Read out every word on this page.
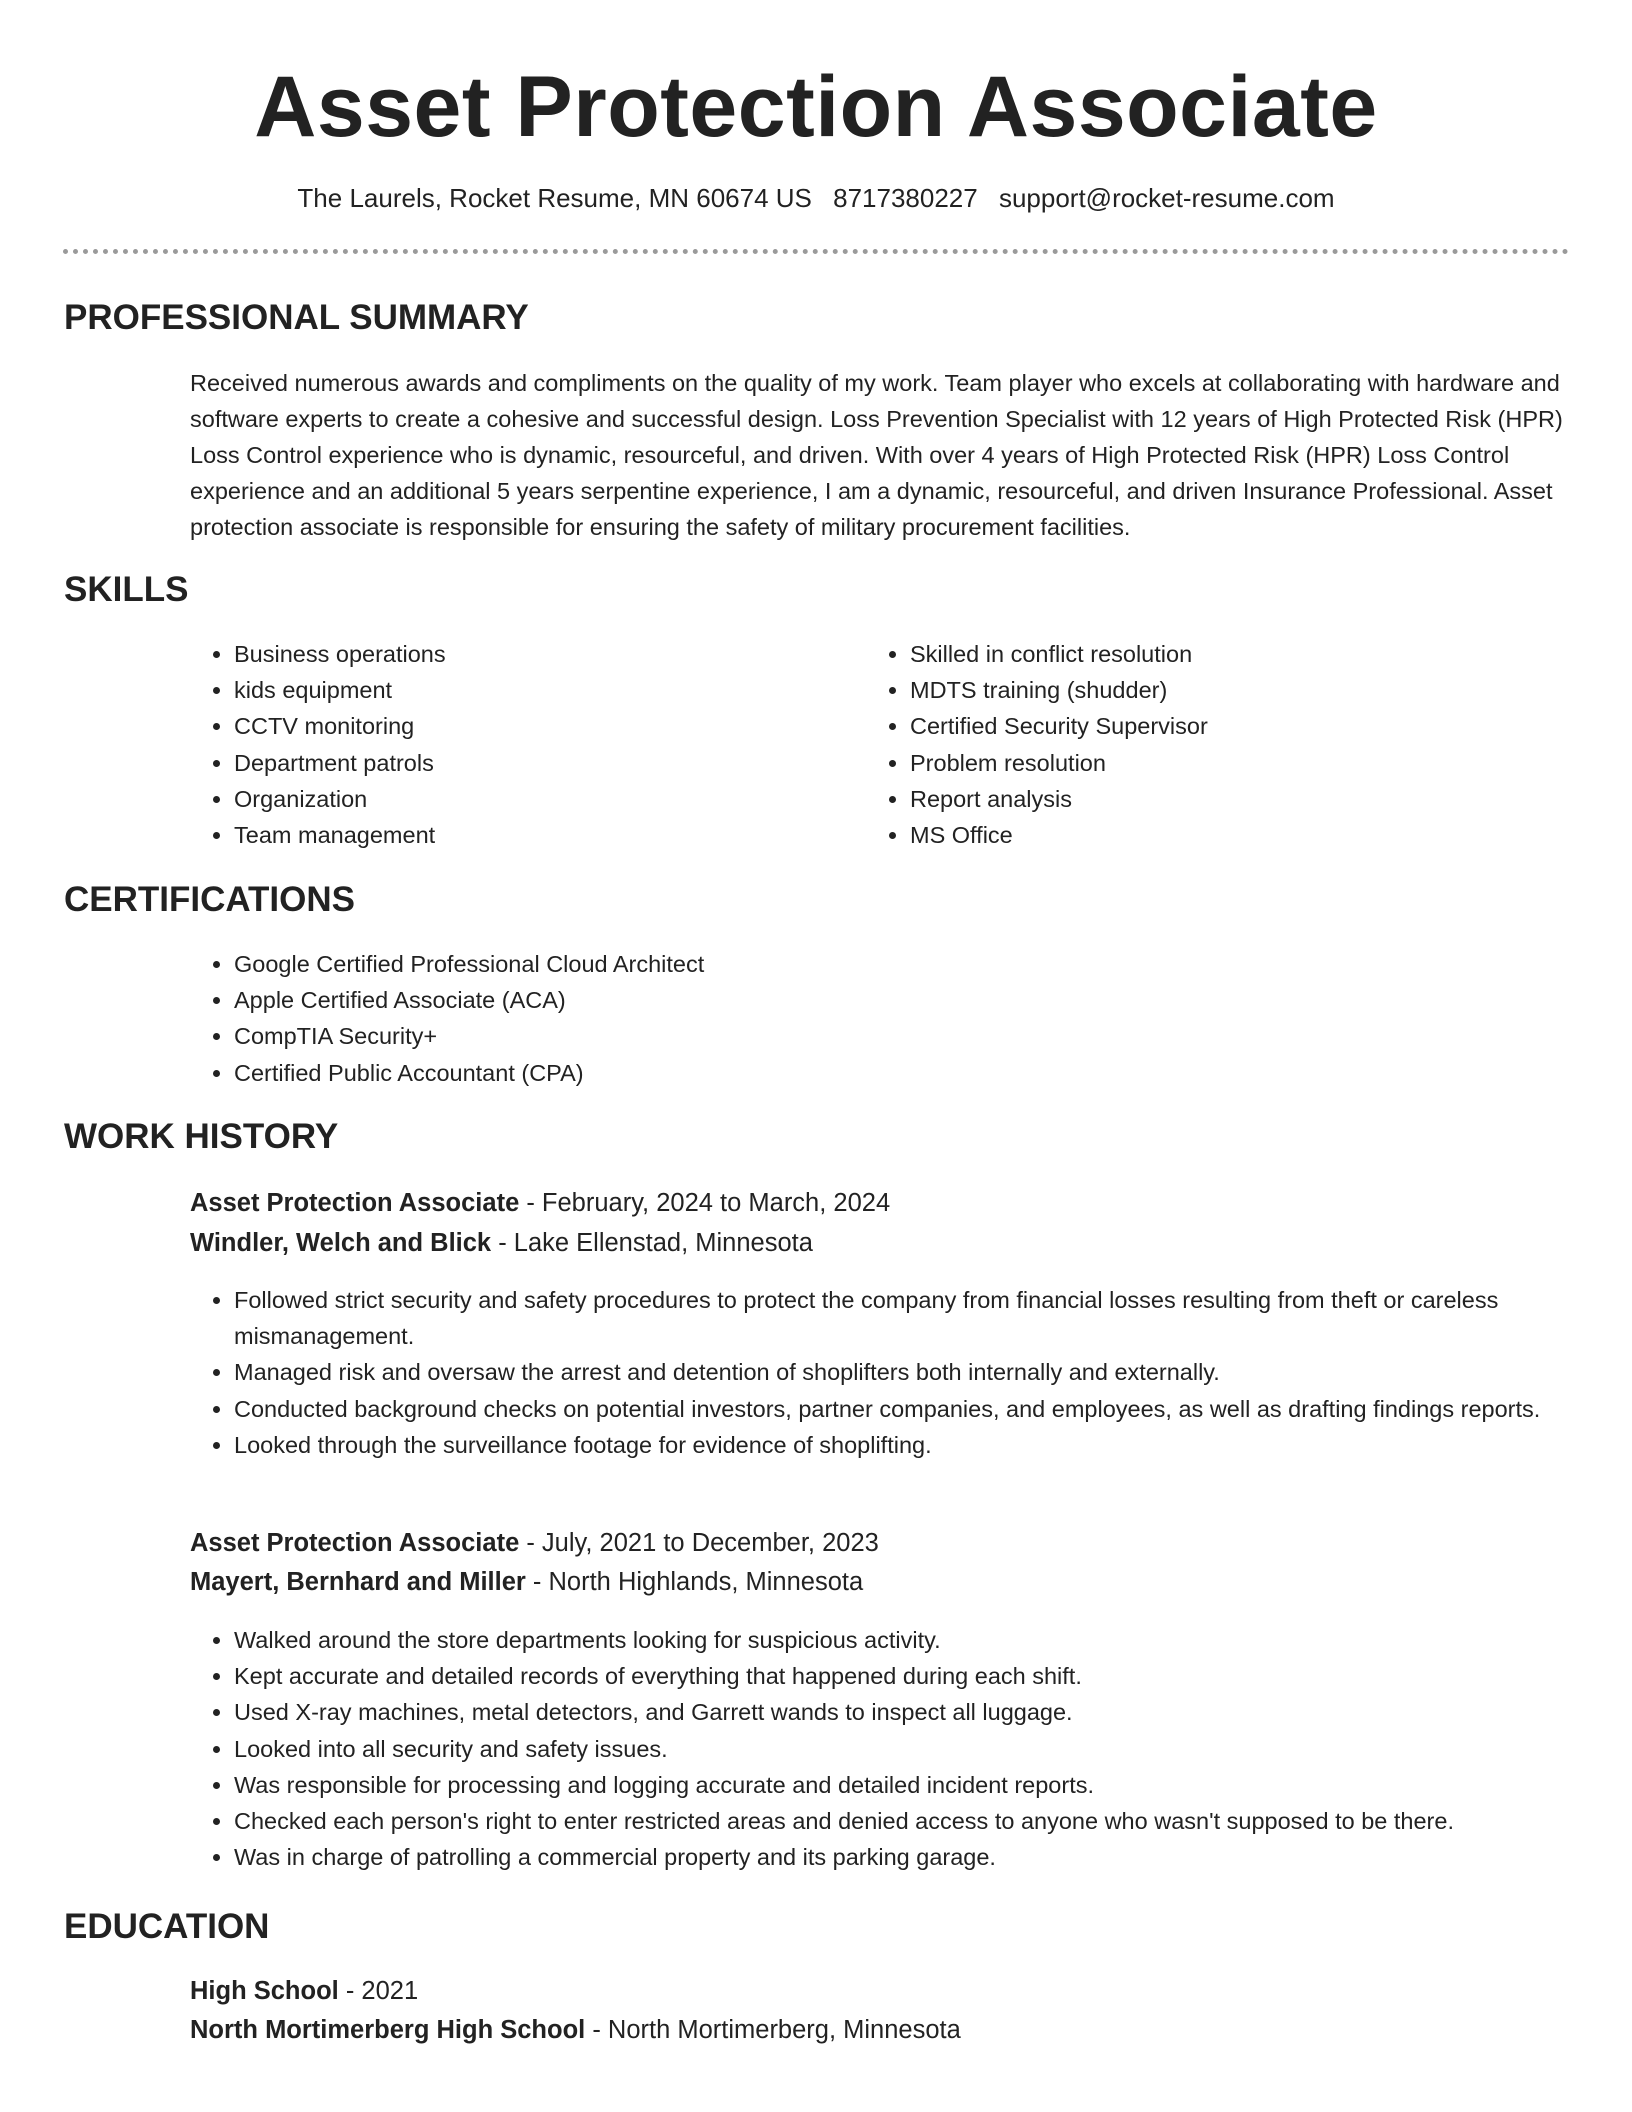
Asset Protection Associate
The Laurels, Rocket Resume, MN 60674 US 8717380227 support@rocket-resume.com
PROFESSIONAL SUMMARY

Received numerous awards and compliments on the quality of my work. Team player who excels at collaborating with hardware and software experts to create a cohesive and successful design. Loss Prevention Specialist with 12 years of High Protected Risk (HPR) Loss Control experience who is dynamic, resourceful, and driven. With over 4 years of High Protected Risk (HPR) Loss Control experience and an additional 5 years serpentine experience, I am a dynamic, resourceful, and driven Insurance Professional. Asset protection associate is responsible for ensuring the safety of military procurement facilities.

SKILLS
• Business operations
• kids equipment
• CCTV monitoring
• Department patrols
• Organization
• Team management
• Skilled in conflict resolution
• MDTS training (shudder)
• Certified Security Supervisor
• Problem resolution
• Report analysis
• MS Office
CERTIFICATIONS
• Google Certified Professional Cloud Architect
• Apple Certified Associate (ACA)
• CompTIA Security+
• Certified Public Accountant (CPA)
WORK HISTORY
Asset Protection Associate - February, 2024 to March, 2024
Windler, Welch and Blick - Lake Ellenstad, Minnesota
• Followed strict security and safety procedures to protect the company from financial losses resulting from theft or careless mismanagement.
• Managed risk and oversaw the arrest and detention of shoplifters both internally and externally.
• Conducted background checks on potential investors, partner companies, and employees, as well as drafting findings reports.
• Looked through the surveillance footage for evidence of shoplifting.
Asset Protection Associate - July, 2021 to December, 2023
Mayert, Bernhard and Miller - North Highlands, Minnesota
• Walked around the store departments looking for suspicious activity.
• Kept accurate and detailed records of everything that happened during each shift.
• Used X-ray machines, metal detectors, and Garrett wands to inspect all luggage.
• Looked into all security and safety issues.
• Was responsible for processing and logging accurate and detailed incident reports.
• Checked each person's right to enter restricted areas and denied access to anyone who wasn't supposed to be there.
• Was in charge of patrolling a commercial property and its parking garage.
EDUCATION
High School - 2021
North Mortimerberg High School - North Mortimerberg, Minnesota
